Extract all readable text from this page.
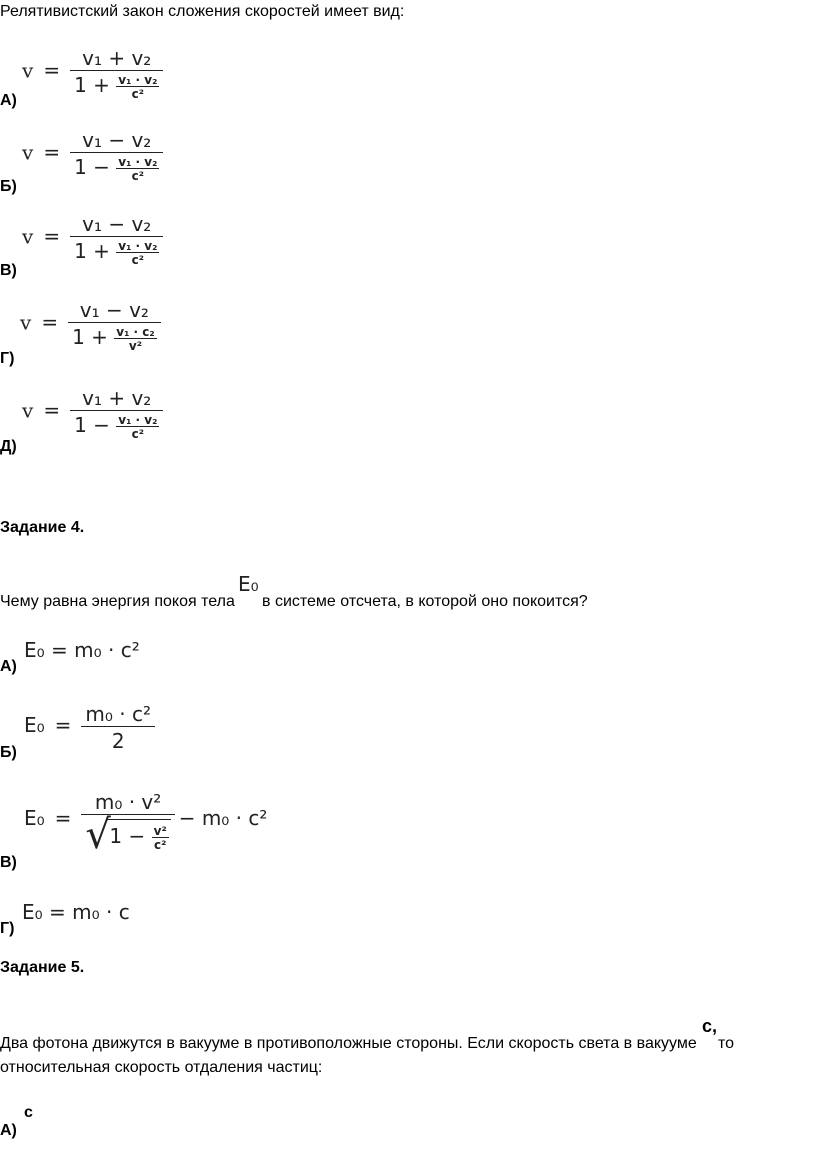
Релятивистский закон сложения скоростей имеет вид:
$v = \frac{\text{v₁ + v₂}}{1 + \frac{\text{v₁ · v₂}}{\text{c²}}}$
А)
$v = \frac{\text{v₁ − v₂}}{1 - \frac{\text{v₁ · v₂}}{\text{c²}}}$
Б)
$v = \frac{\text{v₁ − v₂}}{1 + \frac{\text{v₁ · v₂}}{\text{c²}}}$
В)
$v = \frac{\text{v₁ − v₂}}{1 + \frac{\text{v₁ · c₂}}{\text{v²}}}$
Г)
$v = \frac{\text{v₁ + v₂}}{1 - \frac{\text{v₁ · v₂}}{\text{c²}}}$
Д)
Задание 4.
Чему равна энергия покоя тела
E₀
в системе отсчета, в которой оно покоится?
E₀ = m₀ · c²
А)
$E_0 = \frac{\text{m₀ · c²}}{2}$
Б)
E₀ = m₀ · v²
√
$1 - \frac{\text{v²}}{\text{c²}} - m_0 \cdot c^2$
В)
E₀ = m₀ · c
Г)
Задание 5.
Два фотона движутся в вакууме в противоположные стороны. Если скорость света в вакууме
c,
то
относительная скорость отдаления частиц:
c
А)
